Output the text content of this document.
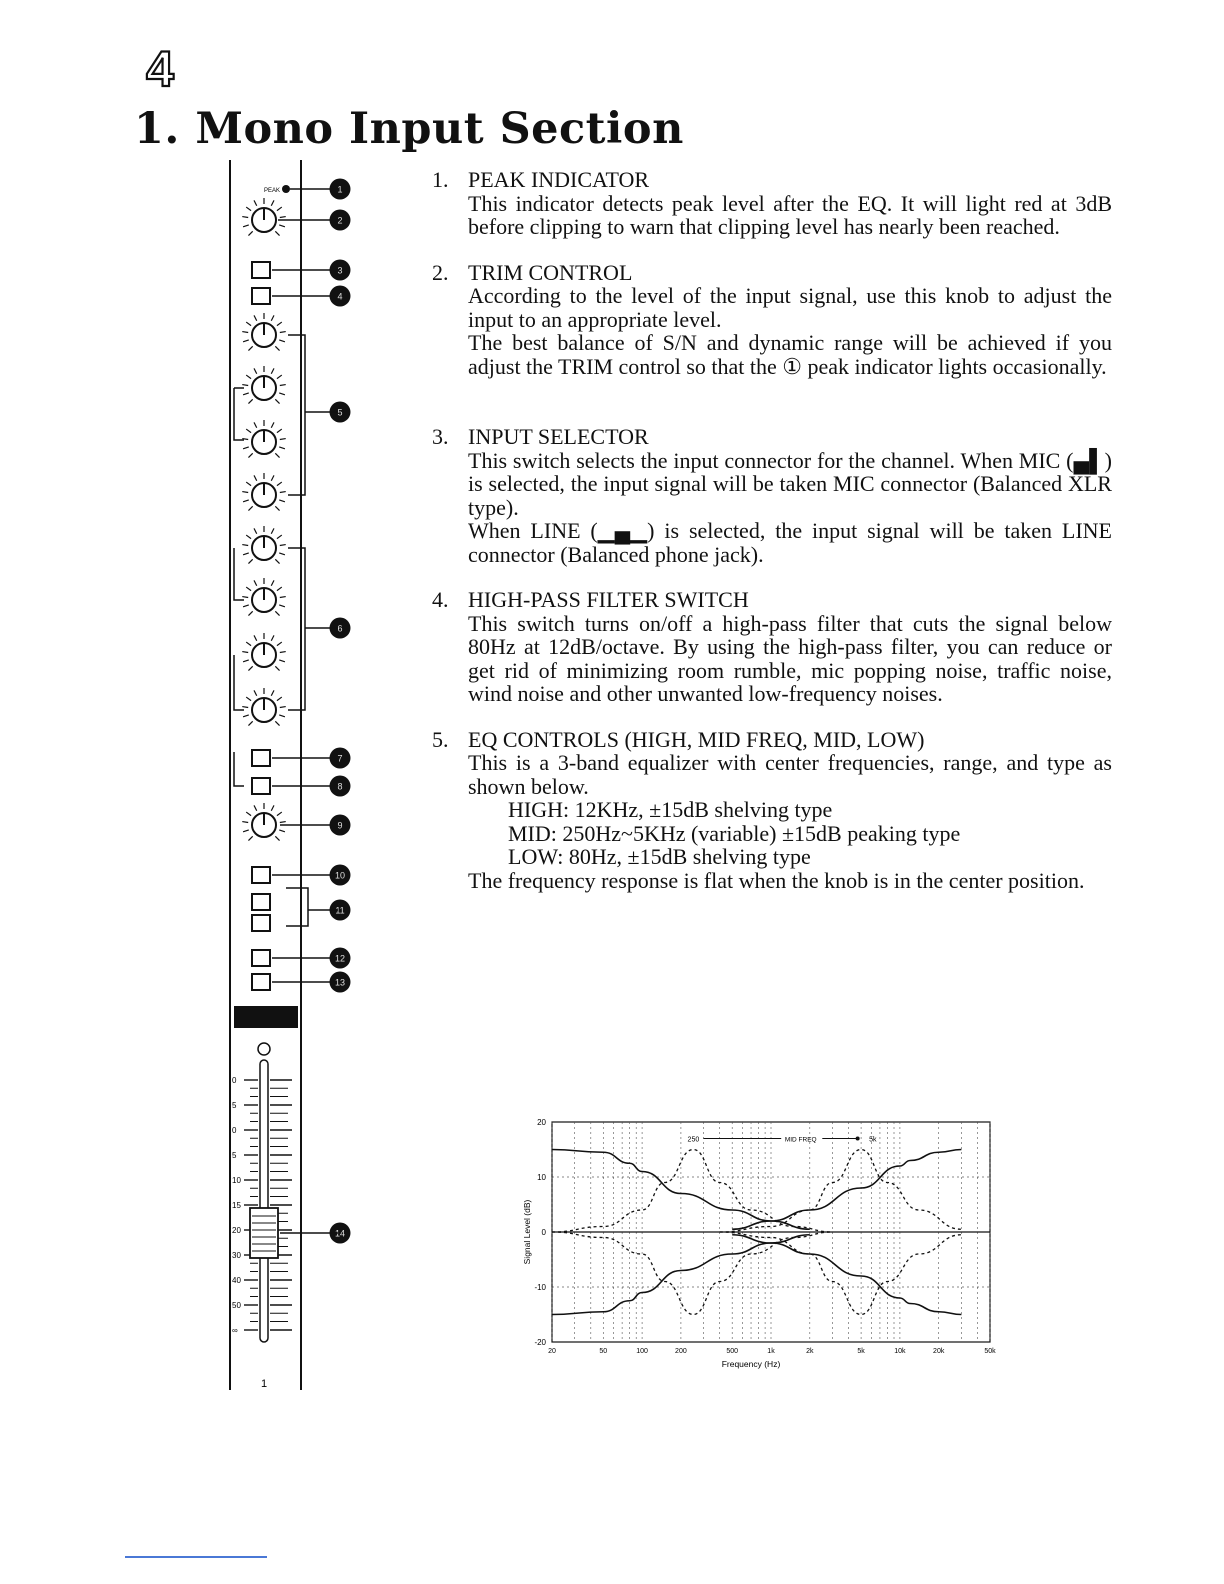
4
1. Mono Input Section
PEAK	1
2
3
4
5
6
7
8
9
10
11
12
13
14
0
5
0
5
10
15
20
30
40
50
∞
1
1. PEAK INDICATOR

This indicator detects peak level after the EQ. It will light red at 3dB before clipping to warn that clipping level has nearly been reached.

2. TRIM CONTROL

According to the level of the input signal, use this knob to adjust the input to an appropriate level.

The best balance of S/N and dynamic range will be achieved if you adjust the TRIM control so that the ① peak indicator lights occasionally.

3. INPUT SELECTOR

This switch selects the input connector for the channel. When MIC (▄▌) is selected, the input signal will be taken MIC connector (Balanced XLR type).

When LINE (▁▄▁) is selected, the input signal will be taken LINE connector (Balanced phone jack).

4. HIGH-PASS FILTER SWITCH

This switch turns on/off a high-pass filter that cuts the signal below 80Hz at 12dB/octave. By using the high-pass filter, you can reduce or get rid of minimizing room rumble, mic popping noise, traffic noise, wind noise and other unwanted low-frequency noises.

5. EQ CONTROLS (HIGH, MID FREQ, MID, LOW)

This is a 3-band equalizer with center frequencies, range, and type as shown below.

HIGH: 12KHz, ±15dB shelving type

MID: 250Hz~5KHz (variable) ±15dB peaking type

LOW: 80Hz, ±15dB shelving type

The frequency response is flat when the knob is in the center position.

20
10
0
-10
-20
20	50	100	200	500	1k	2k	5k	10k	20k	50k
Frequency (Hz)
Signal Level (dB)
250	MID FREQ	5k
